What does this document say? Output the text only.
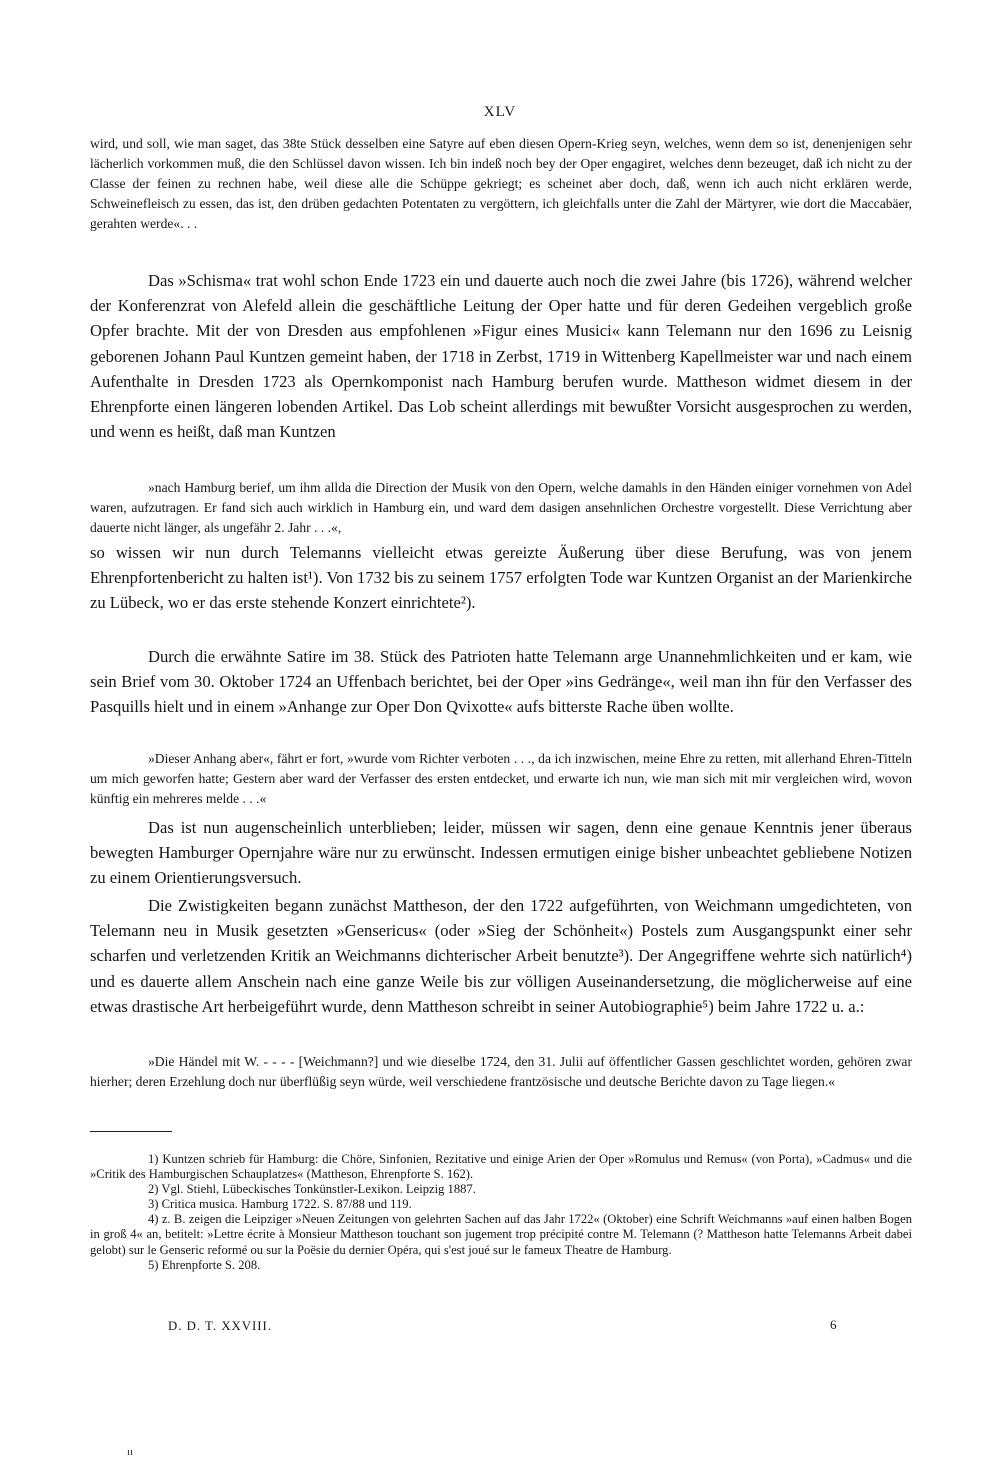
XLV

wird, und soll, wie man saget, das 38te Stück desselben eine Satyre auf eben diesen Opern-Krieg seyn, welches, wenn dem so ist, denenjenigen sehr lächerlich vorkommen muß, die den Schlüssel davon wissen. Ich bin indeß noch bey der Oper engagiret, welches denn bezeuget, daß ich nicht zu der Classe der feinen zu rechnen habe, weil diese alle die Schüppe gekriegt; es scheinet aber doch, daß, wenn ich auch nicht erklären werde, Schweinefleisch zu essen, das ist, den drüben gedachten Potentaten zu vergöttern, ich gleichfalls unter die Zahl der Märtyrer, wie dort die Maccabäer, gerahten werde«. . .

Das »Schisma« trat wohl schon Ende 1723 ein und dauerte auch noch die zwei Jahre (bis 1726), während welcher der Konferenzrat von Alefeld allein die geschäftliche Leitung der Oper hatte und für deren Gedeihen vergeblich große Opfer brachte. Mit der von Dresden aus empfohlenen »Figur eines Musici« kann Telemann nur den 1696 zu Leisnig geborenen Johann Paul Kuntzen gemeint haben, der 1718 in Zerbst, 1719 in Wittenberg Kapellmeister war und nach einem Aufenthalte in Dresden 1723 als Opernkomponist nach Hamburg berufen wurde. Mattheson widmet diesem in der Ehrenpforte einen längeren lobenden Artikel. Das Lob scheint allerdings mit bewußter Vorsicht ausgesprochen zu werden, und wenn es heißt, daß man Kuntzen

»nach Hamburg berief, um ihm allda die Direction der Musik von den Opern, welche damahls in den Händen einiger vornehmen von Adel waren, aufzutragen. Er fand sich auch wirklich in Hamburg ein, und ward dem dasigen ansehnlichen Orchestre vorgestellt. Diese Verrichtung aber dauerte nicht länger, als ungefähr 2. Jahr . . .«,

so wissen wir nun durch Telemanns vielleicht etwas gereizte Äußerung über diese Berufung, was von jenem Ehrenpfortenbericht zu halten ist¹). Von 1732 bis zu seinem 1757 erfolgten Tode war Kuntzen Organist an der Marienkirche zu Lübeck, wo er das erste stehende Konzert einrichtete²).

Durch die erwähnte Satire im 38. Stück des Patrioten hatte Telemann arge Unannehmlichkeiten und er kam, wie sein Brief vom 30. Oktober 1724 an Uffenbach berichtet, bei der Oper »ins Gedränge«, weil man ihn für den Verfasser des Pasquills hielt und in einem »Anhange zur Oper Don Qvixotte« aufs bitterste Rache üben wollte.

»Dieser Anhang aber«, fährt er fort, »wurde vom Richter verboten . . ., da ich inzwischen, meine Ehre zu retten, mit allerhand Ehren-Titteln um mich geworfen hatte; Gestern aber ward der Verfasser des ersten entdecket, und erwarte ich nun, wie man sich mit mir vergleichen wird, wovon künftig ein mehreres melde . . .«

Das ist nun augenscheinlich unterblieben; leider, müssen wir sagen, denn eine genaue Kenntnis jener überaus bewegten Hamburger Opernjahre wäre nur zu erwünscht. Indessen ermutigen einige bisher unbeachtet gebliebene Notizen zu einem Orientierungsversuch.

Die Zwistigkeiten begann zunächst Mattheson, der den 1722 aufgeführten, von Weichmann umgedichteten, von Telemann neu in Musik gesetzten »Gensericus« (oder »Sieg der Schönheit«) Postels zum Ausgangspunkt einer sehr scharfen und verletzenden Kritik an Weichmanns dichterischer Arbeit benutzte³). Der Angegriffene wehrte sich natürlich⁴) und es dauerte allem Anschein nach eine ganze Weile bis zur völligen Auseinandersetzung, die möglicherweise auf eine etwas drastische Art herbeigeführt wurde, denn Mattheson schreibt in seiner Autobiographie⁵) beim Jahre 1722 u. a.:

»Die Händel mit W. - - - - [Weichmann?] und wie dieselbe 1724, den 31. Julii auf öffentlicher Gassen geschlichtet worden, gehören zwar hierher; deren Erzehlung doch nur überflüßig seyn würde, weil verschiedene frantzösische und deutsche Berichte davon zu Tage liegen.«

1) Kuntzen schrieb für Hamburg: die Chöre, Sinfonien, Rezitative und einige Arien der Oper »Romulus und Remus« (von Porta), »Cadmus« und die »Critik des Hamburgischen Schauplatzes« (Mattheson, Ehrenpforte S. 162).

2) Vgl. Stiehl, Lübeckisches Tonkünstler-Lexikon. Leipzig 1887.

3) Critica musica. Hamburg 1722. S. 87/88 und 119.

4) z. B. zeigen die Leipziger »Neuen Zeitungen von gelehrten Sachen auf das Jahr 1722« (Oktober) eine Schrift Weichmanns »auf einen halben Bogen in groß 4« an, betitelt: »Lettre écrite à Monsieur Mattheson touchant son jugement trop précipité contre M. Telemann (? Mattheson hatte Telemanns Arbeit dabei gelobt) sur le Genseric reformé ou sur la Poësie du dernier Opéra, qui s'est joué sur le fameux Theatre de Hamburg.

5) Ehrenpforte S. 208.

D. D. T. XXVIII.	6
ıı
